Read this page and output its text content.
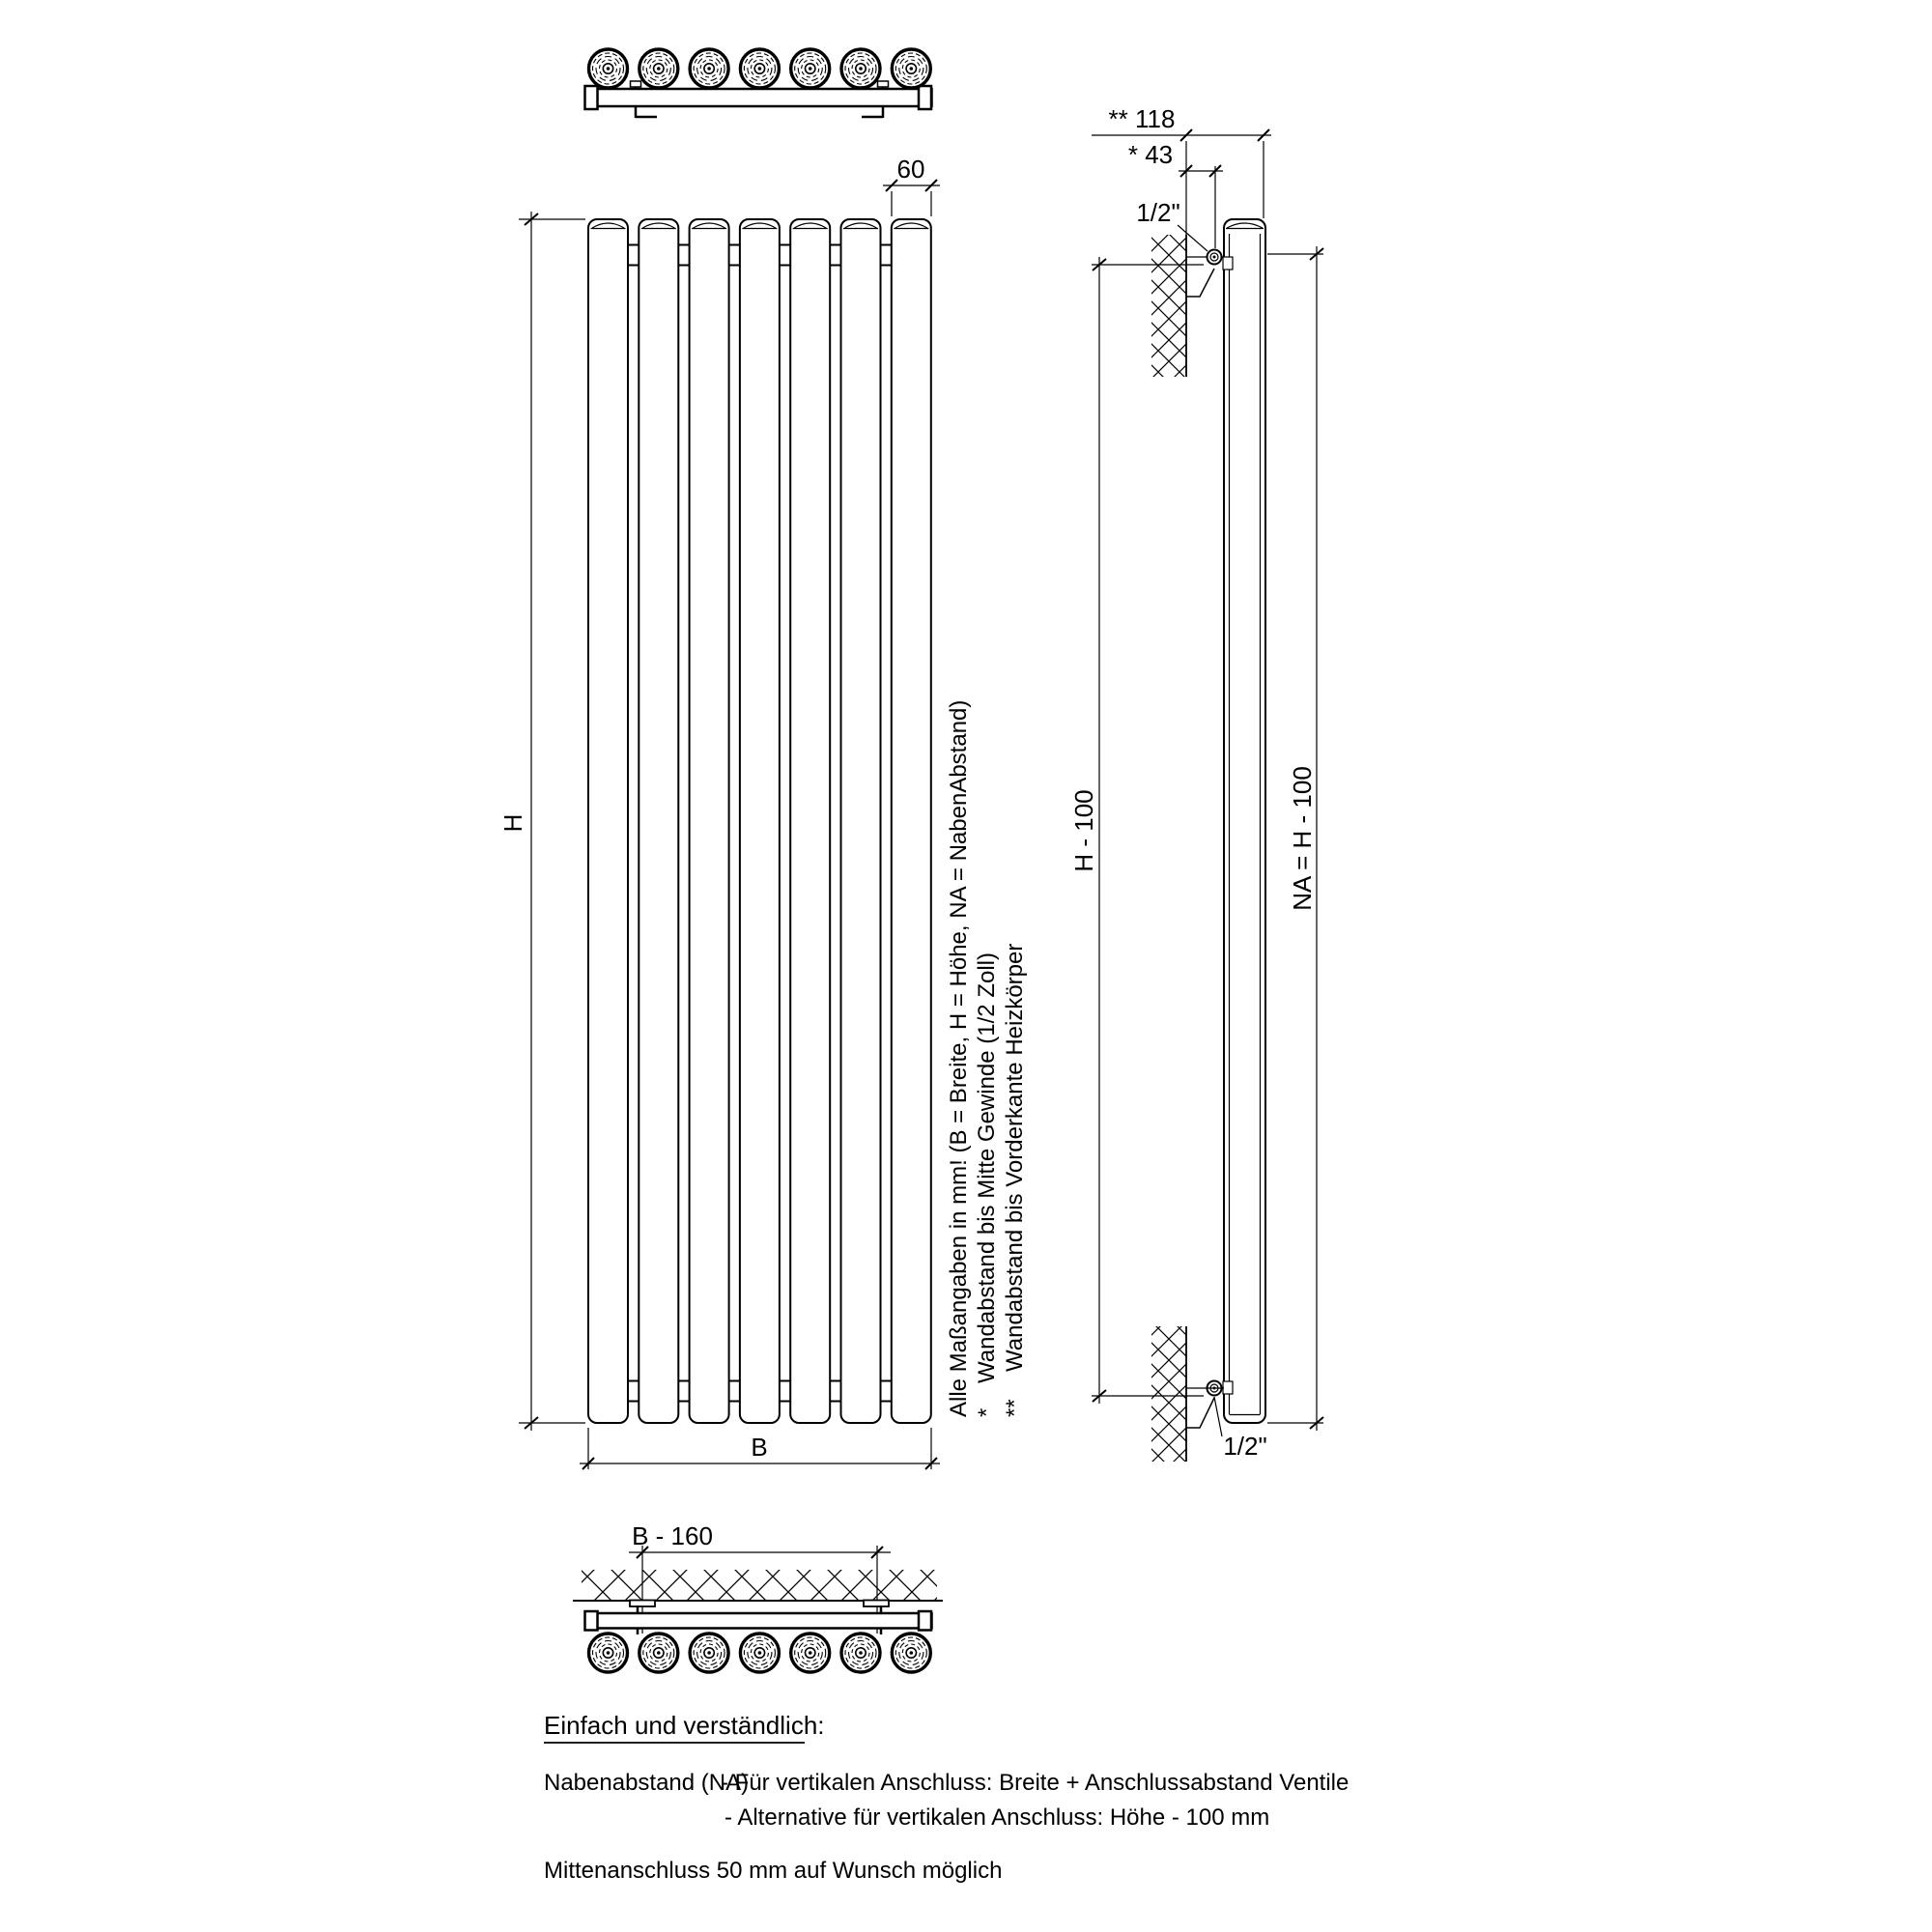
H
60
B
Alle Maßangaben in mm! (B = Breite, H = Höhe, NA = NabenAbstand) *
Wandabstand bis Mitte Gewinde (1/2 Zoll)
**
Wandabstand bis Vorderkante Heizkörper
** 118
* 43
1/2"
1/2"
H - 100	NA = H - 100
B - 160
Einfach und verständlich:
Nabenabstand (NA)
- Für vertikalen Anschluss: Breite + Anschlussabstand Ventile
- Alternative für vertikalen Anschluss: Höhe - 100 mm
Mittenanschluss 50 mm auf Wunsch möglich
